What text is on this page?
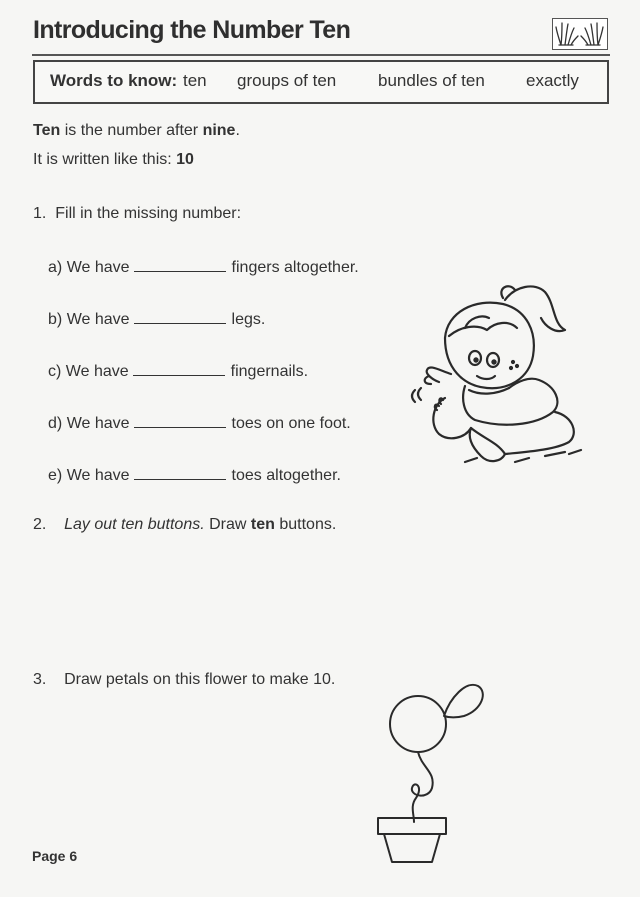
Introducing the Number Ten
Words to know: ten groups of ten bundles of ten exactly
Ten is the number after nine.
It is written like this: 10
1. Fill in the missing number:
a) We have	fingers altogether.
b) We have	legs.
c) We have	fingernails.
d) We have	toes on one foot.
e) We have	toes altogether.
2. Lay out ten buttons. Draw ten buttons.
3. Draw petals on this flower to make 10.
Page 6
